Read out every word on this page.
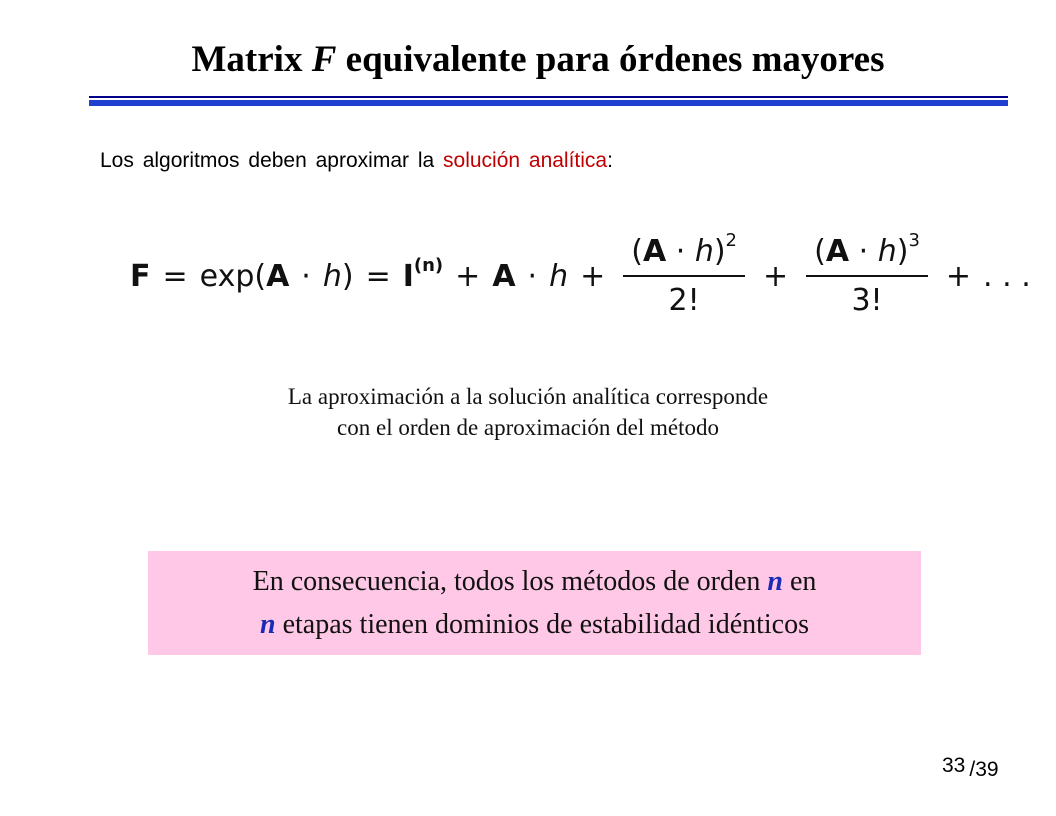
Matrix F equivalente para órdenes mayores
Los algoritmos deben aproximar la solución analítica:
F = exp( A · h ) = $I^{(n)} + A \cdot h + \frac{(A \cdot h)^2}{2!} + \frac{(A \cdot h)^3}{3!}$ + . . .
La aproximación a la solución analítica corresponde
con el orden de aproximación del método
En consecuencia, todos los métodos de orden n en
n etapas tienen dominios de estabilidad idénticos
33 /39
